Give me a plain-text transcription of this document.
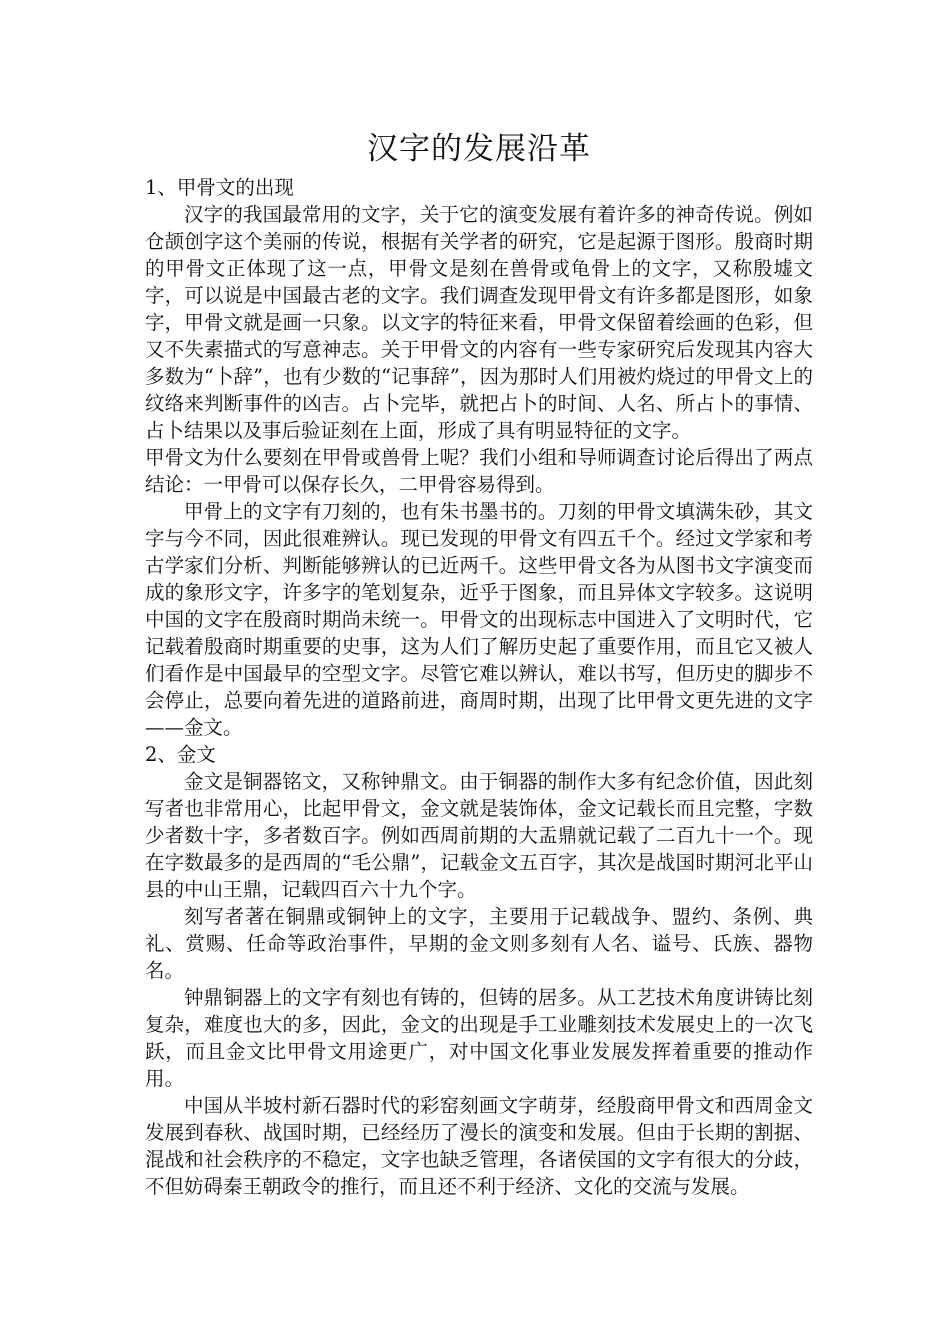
汉字的发展沿革

1、甲骨文的出现

汉字的我国最常用的文字，关于它的演变发展有着许多的神奇传说。例如仓颉创字这个美丽的传说，根据有关学者的研究，它是起源于图形。殷商时期的甲骨文正体现了这一点，甲骨文是刻在兽骨或龟骨上的文字，又称殷墟文字，可以说是中国最古老的文字。我们调查发现甲骨文有许多都是图形，如象字，甲骨文就是画一只象。以文字的特征来看，甲骨文保留着绘画的色彩，但又不失素描式的写意神志。关于甲骨文的内容有一些专家研究后发现其内容大多数为“卜辞”，也有少数的“记事辞”，因为那时人们用被灼烧过的甲骨文上的纹络来判断事件的凶吉。占卜完毕，就把占卜的时间、人名、所占卜的事情、占卜结果以及事后验证刻在上面，形成了具有明显特征的文字。

甲骨文为什么要刻在甲骨或兽骨上呢？我们小组和导师调查讨论后得出了两点结论：一甲骨可以保存长久，二甲骨容易得到。

甲骨上的文字有刀刻的，也有朱书墨书的。刀刻的甲骨文填满朱砂，其文字与今不同，因此很难辨认。现已发现的甲骨文有四五千个。经过文学家和考古学家们分析、判断能够辨认的已近两千。这些甲骨文各为从图书文字演变而成的象形文字，许多字的笔划复杂，近乎于图象，而且异体文字较多。这说明中国的文字在殷商时期尚未统一。甲骨文的出现标志中国进入了文明时代，它记载着殷商时期重要的史事，这为人们了解历史起了重要作用，而且它又被人们看作是中国最早的空型文字。尽管它难以辨认，难以书写，但历史的脚步不会停止，总要向着先进的道路前进，商周时期，出现了比甲骨文更先进的文字——金文。

2、金文

金文是铜器铭文，又称钟鼎文。由于铜器的制作大多有纪念价值，因此刻写者也非常用心，比起甲骨文，金文就是装饰体，金文记载长而且完整，字数少者数十字，多者数百字。例如西周前期的大盂鼎就记载了二百九十一个。现在字数最多的是西周的“毛公鼎”，记载金文五百字，其次是战国时期河北平山县的中山王鼎，记载四百六十九个字。

刻写者著在铜鼎或铜钟上的文字，主要用于记载战争、盟约、条例、典礼、赏赐、任命等政治事件，早期的金文则多刻有人名、谥号、氏族、器物名。

钟鼎铜器上的文字有刻也有铸的，但铸的居多。从工艺技术角度讲铸比刻复杂，难度也大的多，因此，金文的出现是手工业雕刻技术发展史上的一次飞跃，而且金文比甲骨文用途更广，对中国文化事业发展发挥着重要的推动作用。

中国从半坡村新石器时代的彩窑刻画文字萌芽，经殷商甲骨文和西周金文发展到春秋、战国时期，已经经历了漫长的演变和发展。但由于长期的割据、混战和社会秩序的不稳定，文字也缺乏管理，各诸侯国的文字有很大的分歧，不但妨碍秦王朝政令的推行，而且还不利于经济、文化的交流与发展。
